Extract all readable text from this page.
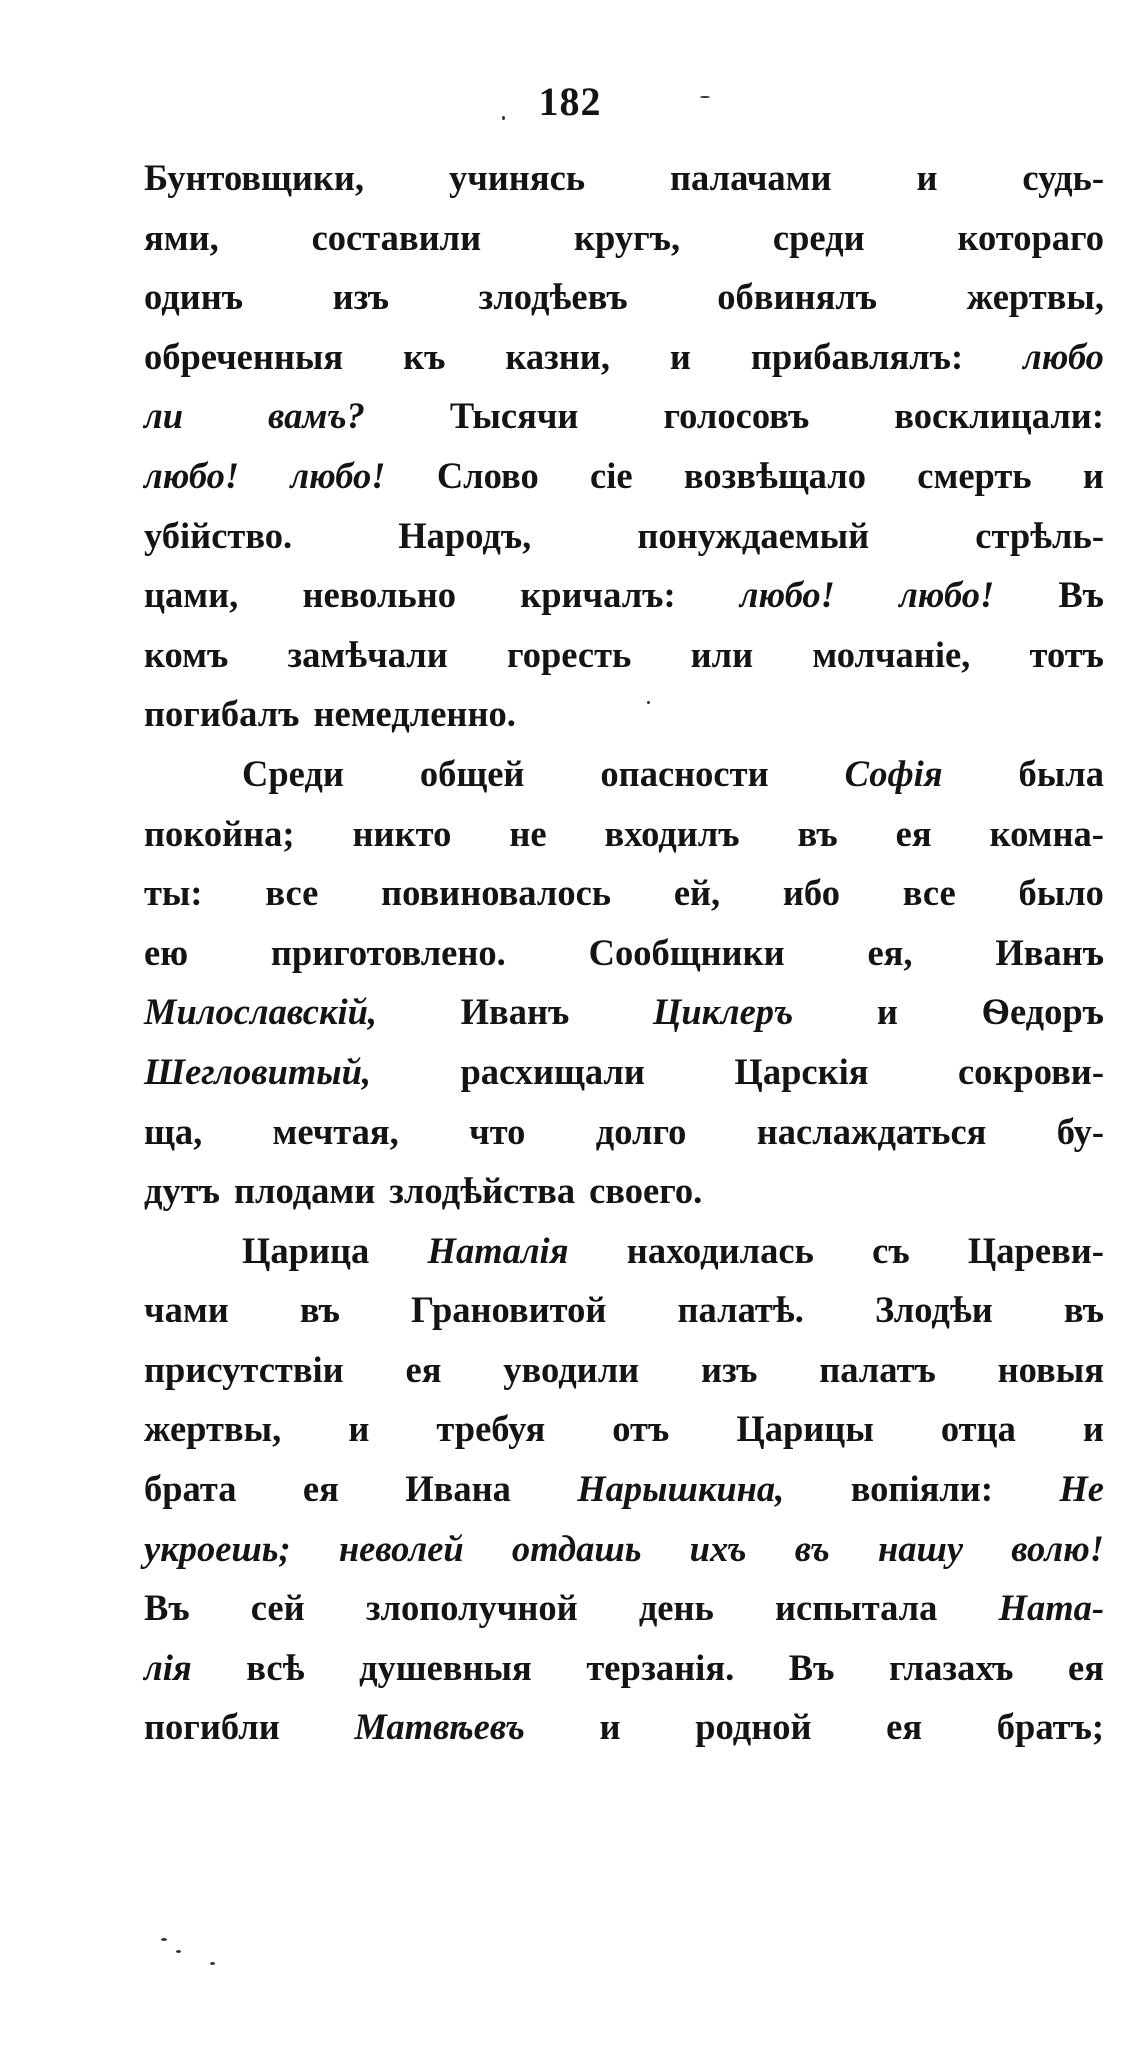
182
Бунтовщики, учинясь палачами и судь-
ями,	составили	кругъ,	среди	котораго
одинъ изъ злодѣевъ обвинялъ жертвы,
обреченныя къ казни, и прибавлялъ: любо
ли вамъ? Тысячи голосовъ восклицали:
любо! любо! Слово сіе возвѣщало смерть и
убійство.	Народъ,	понуждаемый	стрѣль-
цами, невольно кричалъ: любо! любо! Въ
комъ замѣчали горесть или молчаніе, тотъ
погибалъ немедленно.
Среди общей опасности Софія была
покойна; никто не входилъ въ ея комна-
ты: все повиновалось ей, ибо все было
ею приготовлено. Сообщники ея, Иванъ
Милославскій, Иванъ Циклеръ и Ѳедоръ
Шегловитый, расхищали Царскія сокрови-
ща, мечтая, что долго наслаждаться бу-
дутъ плодами злодѣйства своего.
Царица Наталія находилась съ Цареви-
чами въ Грановитой палатѣ. Злодѣи въ
присутствіи ея уводили изъ палатъ новыя
жертвы, и требуя отъ Царицы отца и
брата ея Ивана Нарышкина, вопіяли: Не
укроешь; неволей отдашь ихъ въ нашу волю!
Въ сей злополучной день испытала Ната-
лія всѣ душевныя терзанія. Въ глазахъ ея
погибли Матвѣевъ и родной ея братъ;
